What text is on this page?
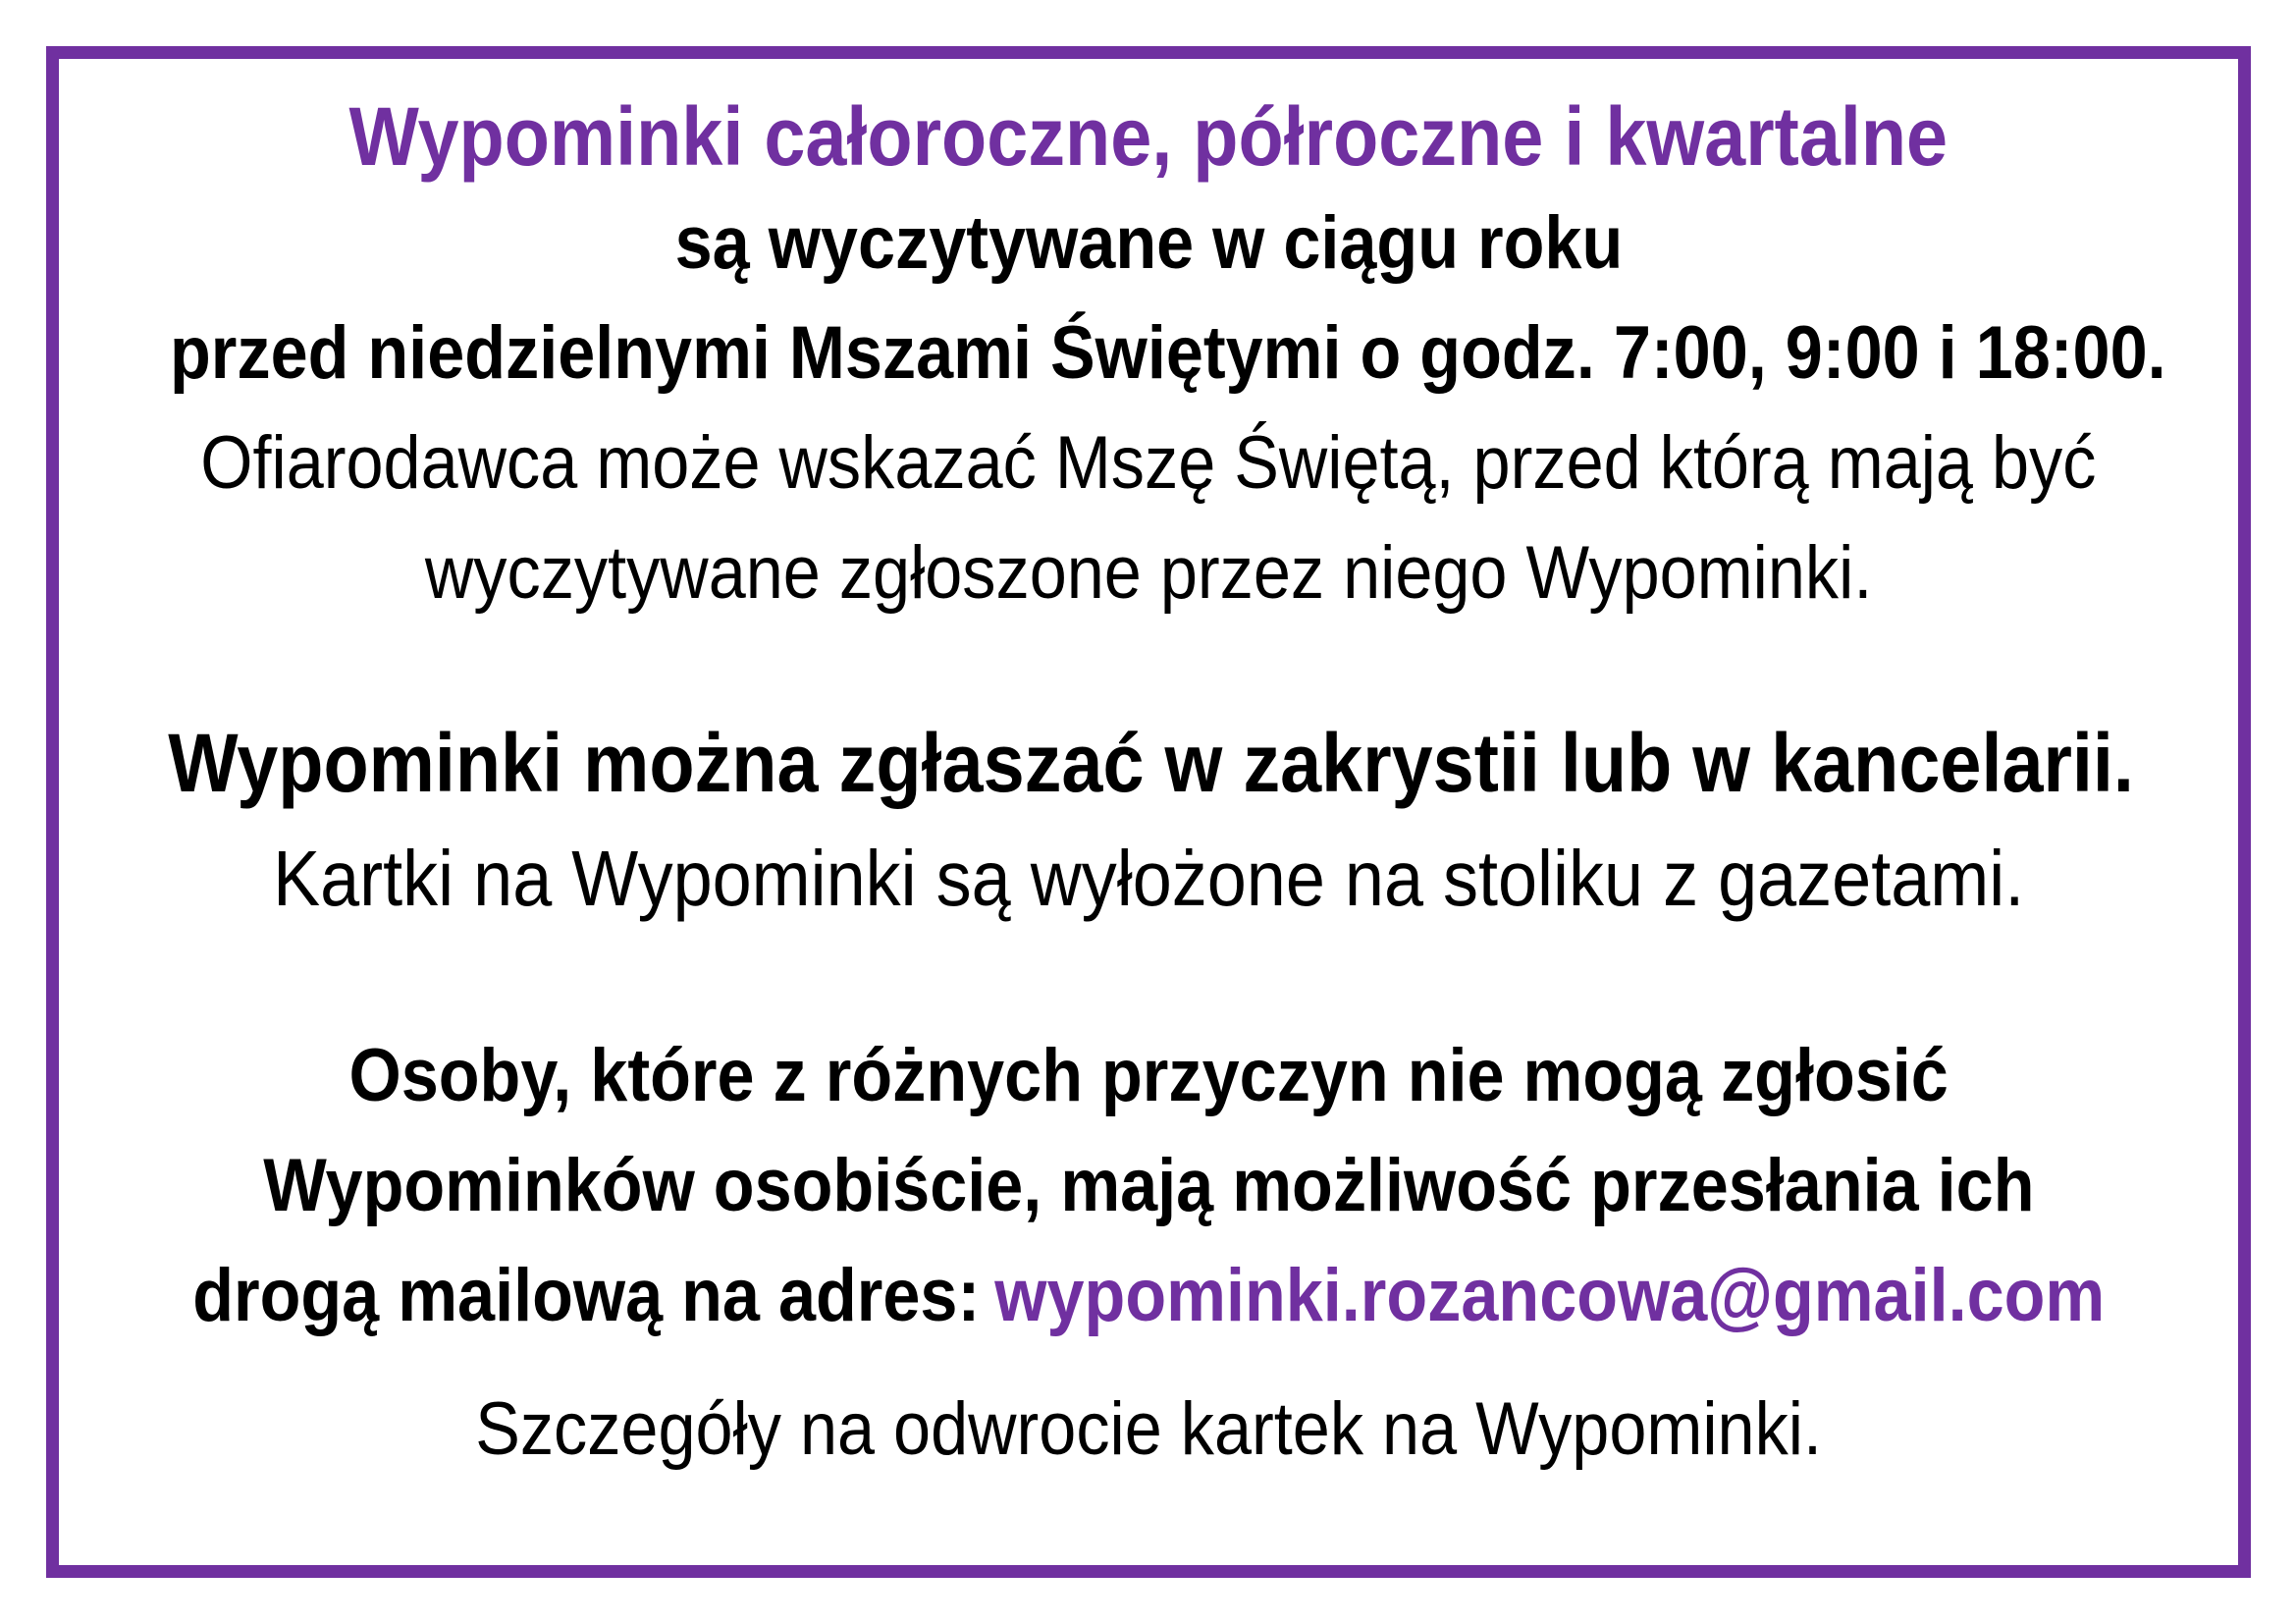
Wypominki całoroczne, półroczne i kwartalne
są wyczytywane w ciągu roku
przed niedzielnymi Mszami Świętymi o godz. 7:00, 9:00 i 18:00.
Ofiarodawca może wskazać Mszę Świętą, przed którą mają być
wyczytywane zgłoszone przez niego Wypominki.
Wypominki można zgłaszać w zakrystii lub w kancelarii.
Kartki na Wypominki są wyłożone na stoliku z gazetami.
Osoby, które z różnych przyczyn nie mogą zgłosić
Wypominków osobiście, mają możliwość przesłania ich
drogą mailową na adres: wypominki.rozancowa@gmail.com
Szczegóły na odwrocie kartek na Wypominki.
